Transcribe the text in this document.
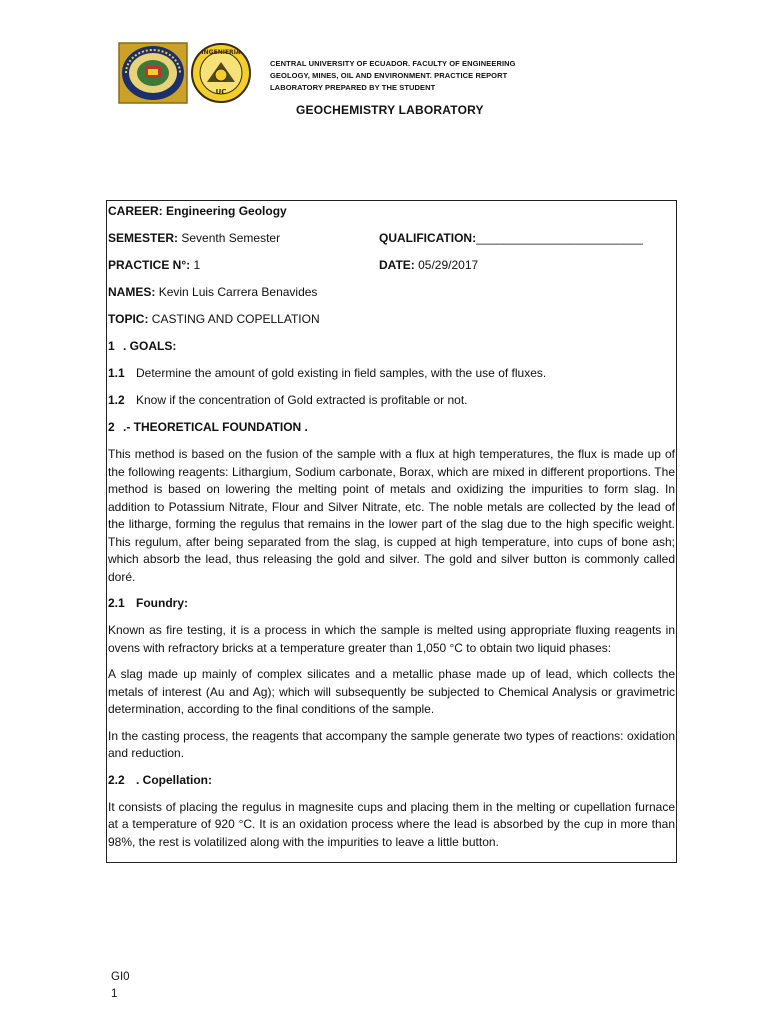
INGENIERIA
UC
CENTRAL UNIVERSITY OF ECUADOR. FACULTY OF ENGINEERING
GEOLOGY, MINES, OIL AND ENVIRONMENT. PRACTICE REPORT
LABORATORY PREPARED BY THE STUDENT
GEOCHEMISTRY LABORATORY
CAREER: Engineering Geology
SEMESTER: Seventh Semester	QUALIFICATION:_________________________
PRACTICE N°: 1	DATE: 05/29/2017
NAMES: Kevin Luis Carrera Benavides
TOPIC: CASTING AND COPELLATION
1 . GOALS:
1.1 Determine the amount of gold existing in field samples, with the use of fluxes.
1.2 Know if the concentration of Gold extracted is profitable or not.
2 .- THEORETICAL FOUNDATION .

This method is based on the fusion of the sample with a flux at high temperatures, the flux is made up of the following reagents: Lithargium, Sodium carbonate, Borax, which are mixed in different proportions. The method is based on lowering the melting point of metals and oxidizing the impurities to form slag. In addition to Potassium Nitrate, Flour and Silver Nitrate, etc. The noble metals are collected by the lead of the litharge, forming the regulus that remains in the lower part of the slag due to the high specific weight. This regulum, after being separated from the slag, is cupped at high temperature, into cups of bone ash; which absorb the lead, thus releasing the gold and silver. The gold and silver button is commonly called doré.

2.1 Foundry:

Known as fire testing, it is a process in which the sample is melted using appropriate fluxing reagents in ovens with refractory bricks at a temperature greater than 1,050 °C to obtain two liquid phases:

A slag made up mainly of complex silicates and a metallic phase made up of lead, which collects the metals of interest (Au and Ag); which will subsequently be subjected to Chemical Analysis or gravimetric determination, according to the final conditions of the sample.

In the casting process, the reagents that accompany the sample generate two types of reactions: oxidation and reduction.

2.2 . Copellation:

It consists of placing the regulus in magnesite cups and placing them in the melting or cupellation furnace at a temperature of 920 °C. It is an oxidation process where the lead is absorbed by the cup in more than 98%, the rest is volatilized along with the impurities to leave a little button.

GI0
1
